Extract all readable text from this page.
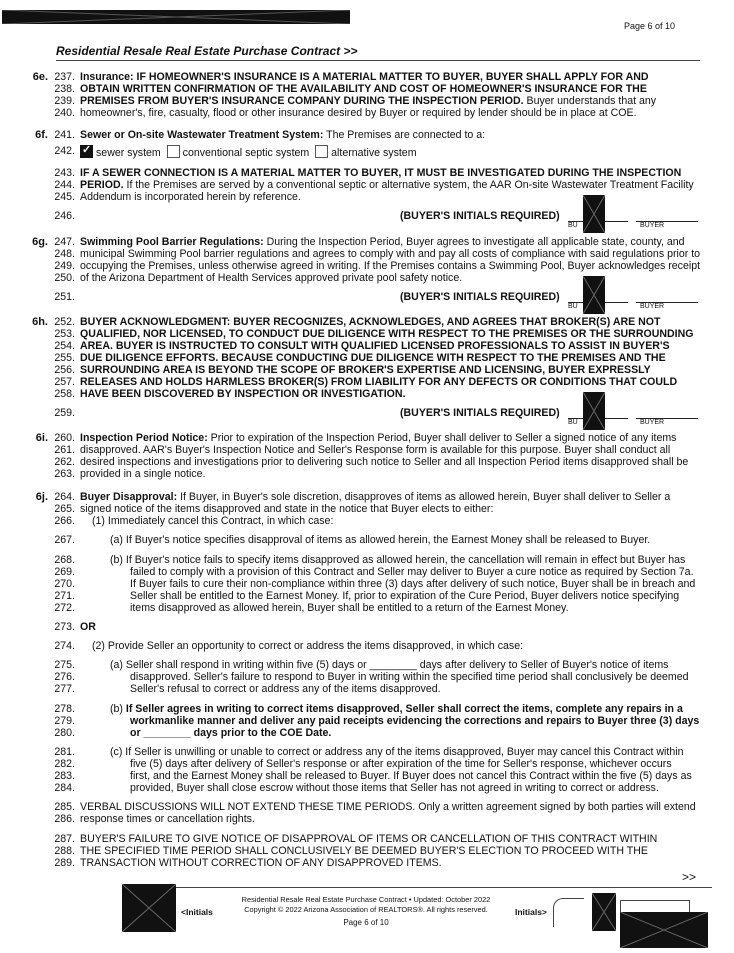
Page 6 of 10
Residential Resale Real Estate Purchase Contract >>
6e. 237. Insurance: IF HOMEOWNER'S INSURANCE IS A MATERIAL MATTER TO BUYER, BUYER SHALL APPLY FOR AND
238. OBTAIN WRITTEN CONFIRMATION OF THE AVAILABILITY AND COST OF HOMEOWNER'S INSURANCE FOR THE
239. PREMISES FROM BUYER'S INSURANCE COMPANY DURING THE INSPECTION PERIOD. Buyer understands that any
240. homeowner's, fire, casualty, flood or other insurance desired by Buyer or required by lender should be in place at COE.
6f. 241. Sewer or On-site Wastewater Treatment System: The Premises are connected to a:
242. ✓ sewer system conventional septic system alternative system
243. IF A SEWER CONNECTION IS A MATERIAL MATTER TO BUYER, IT MUST BE INVESTIGATED DURING THE INSPECTION
244. PERIOD. If the Premises are served by a conventional septic or alternative system, the AAR On-site Wastewater Treatment Facility
245. Addendum is incorporated herein by reference.
246.	(BUYER'S INITIALS REQUIRED)
BU	BUYER
6g. 247. Swimming Pool Barrier Regulations: During the Inspection Period, Buyer agrees to investigate all applicable state, county, and
248. municipal Swimming Pool barrier regulations and agrees to comply with and pay all costs of compliance with said regulations prior to
249. occupying the Premises, unless otherwise agreed in writing. If the Premises contains a Swimming Pool, Buyer acknowledges receipt
250. of the Arizona Department of Health Services approved private pool safety notice.
251.	(BUYER'S INITIALS REQUIRED)
BU	BUYER
6h. 252. BUYER ACKNOWLEDGMENT: BUYER RECOGNIZES, ACKNOWLEDGES, AND AGREES THAT BROKER(S) ARE NOT
253. QUALIFIED, NOR LICENSED, TO CONDUCT DUE DILIGENCE WITH RESPECT TO THE PREMISES OR THE SURROUNDING
254. AREA. BUYER IS INSTRUCTED TO CONSULT WITH QUALIFIED LICENSED PROFESSIONALS TO ASSIST IN BUYER'S
255. DUE DILIGENCE EFFORTS. BECAUSE CONDUCTING DUE DILIGENCE WITH RESPECT TO THE PREMISES AND THE
256. SURROUNDING AREA IS BEYOND THE SCOPE OF BROKER'S EXPERTISE AND LICENSING, BUYER EXPRESSLY
257. RELEASES AND HOLDS HARMLESS BROKER(S) FROM LIABILITY FOR ANY DEFECTS OR CONDITIONS THAT COULD
258. HAVE BEEN DISCOVERED BY INSPECTION OR INVESTIGATION.
259.	(BUYER'S INITIALS REQUIRED)
BU	BUYER
6i. 260. Inspection Period Notice: Prior to expiration of the Inspection Period, Buyer shall deliver to Seller a signed notice of any items
261. disapproved. AAR's Buyer's Inspection Notice and Seller's Response form is available for this purpose. Buyer shall conduct all
262. desired inspections and investigations prior to delivering such notice to Seller and all Inspection Period items disapproved shall be
263. provided in a single notice.
6j. 264. Buyer Disapproval: If Buyer, in Buyer's sole discretion, disapproves of items as allowed herein, Buyer shall deliver to Seller a
265. signed notice of the items disapproved and state in the notice that Buyer elects to either:
266. (1) Immediately cancel this Contract, in which case:
267.	(a) If Buyer's notice specifies disapproval of items as allowed herein, the Earnest Money shall be released to Buyer.
268.	(b) If Buyer's notice fails to specify items disapproved as allowed herein, the cancellation will remain in effect but Buyer has
269.	failed to comply with a provision of this Contract and Seller may deliver to Buyer a cure notice as required by Section 7a.
270.	If Buyer fails to cure their non-compliance within three (3) days after delivery of such notice, Buyer shall be in breach and
271.	Seller shall be entitled to the Earnest Money. If, prior to expiration of the Cure Period, Buyer delivers notice specifying
272.	items disapproved as allowed herein, Buyer shall be entitled to a return of the Earnest Money.
273. OR
274. (2) Provide Seller an opportunity to correct or address the items disapproved, in which case:
275.	(a) Seller shall respond in writing within five (5) days or ________ days after delivery to Seller of Buyer's notice of items
276.	disapproved. Seller's failure to respond to Buyer in writing within the specified time period shall conclusively be deemed
277.	Seller's refusal to correct or address any of the items disapproved.
278.	(b) If Seller agrees in writing to correct items disapproved, Seller shall correct the items, complete any repairs in a
279.	workmanlike manner and deliver any paid receipts evidencing the corrections and repairs to Buyer three (3) days
280.	or ________ days prior to the COE Date.
281.	(c) If Seller is unwilling or unable to correct or address any of the items disapproved, Buyer may cancel this Contract within
282.	five (5) days after delivery of Seller's response or after expiration of the time for Seller's response, whichever occurs
283.	first, and the Earnest Money shall be released to Buyer. If Buyer does not cancel this Contract within the five (5) days as
284.	provided, Buyer shall close escrow without those items that Seller has not agreed in writing to correct or address.
285. VERBAL DISCUSSIONS WILL NOT EXTEND THESE TIME PERIODS. Only a written agreement signed by both parties will extend
286. response times or cancellation rights.
287. BUYER'S FAILURE TO GIVE NOTICE OF DISAPPROVAL OF ITEMS OR CANCELLATION OF THIS CONTRACT WITHIN
288. THE SPECIFIED TIME PERIOD SHALL CONCLUSIVELY BE DEEMED BUYER'S ELECTION TO PROCEED WITH THE
289. TRANSACTION WITHOUT CORRECTION OF ANY DISAPPROVED ITEMS.
>>
<Initials
Residential Resale Real Estate Purchase Contract • Updated: October 2022
Copyright © 2022 Arizona Association of REALTORS®. All rights reserved.
Page 6 of 10
Initials>
